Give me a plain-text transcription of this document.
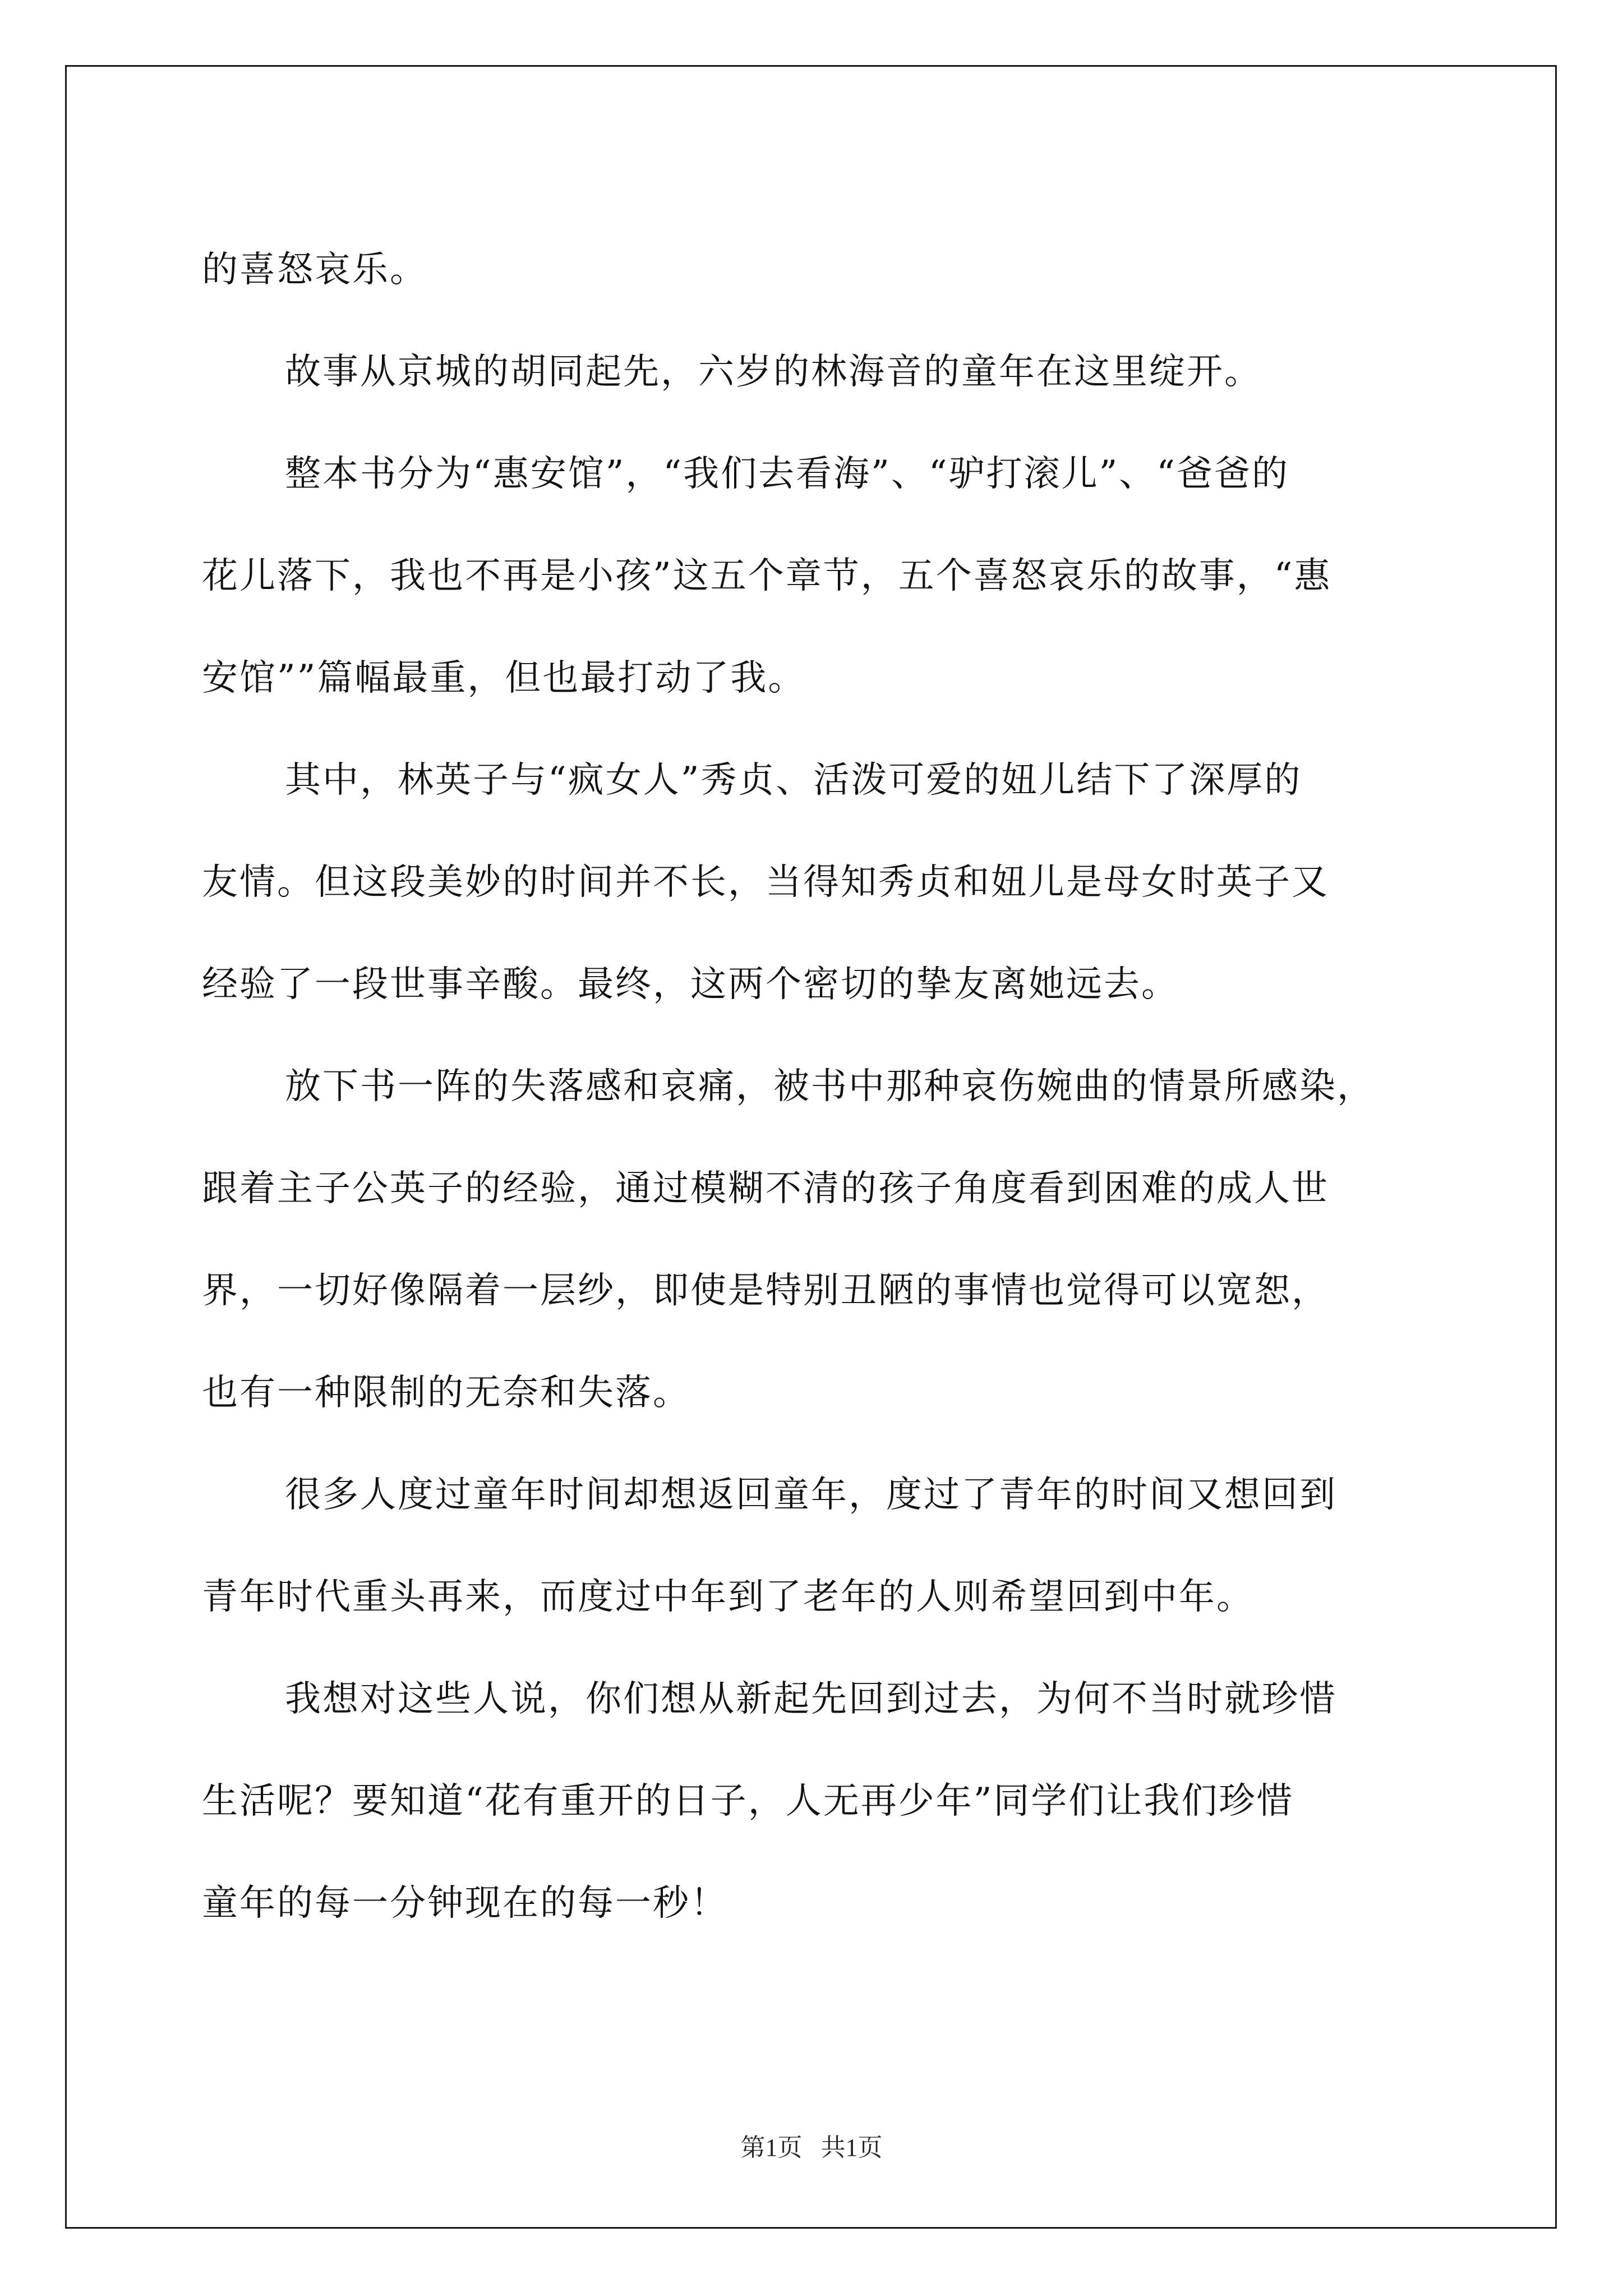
的喜怒哀乐。
故事从京城的胡同起先，六岁的林海音的童年在这里绽开。
整本书分为“惠安馆”，“我们去看海”、“驴打滚儿”、“爸爸的
花儿落下，我也不再是小孩”这五个章节，五个喜怒哀乐的故事，“惠
安馆””篇幅最重，但也最打动了我。
其中，林英子与“疯女人”秀贞、活泼可爱的妞儿结下了深厚的
友情。但这段美妙的时间并不长，当得知秀贞和妞儿是母女时英子又
经验了一段世事辛酸。最终，这两个密切的挚友离她远去。
放下书一阵的失落感和哀痛，被书中那种哀伤婉曲的情景所感染，
跟着主子公英子的经验，通过模糊不清的孩子角度看到困难的成人世
界，一切好像隔着一层纱，即使是特别丑陋的事情也觉得可以宽恕，
也有一种限制的无奈和失落。
很多人度过童年时间却想返回童年，度过了青年的时间又想回到
青年时代重头再来，而度过中年到了老年的人则希望回到中年。
我想对这些人说，你们想从新起先回到过去，为何不当时就珍惜
生活呢？要知道“花有重开的日子，人无再少年”同学们让我们珍惜
童年的每一分钟现在的每一秒！
第1页   共1页
